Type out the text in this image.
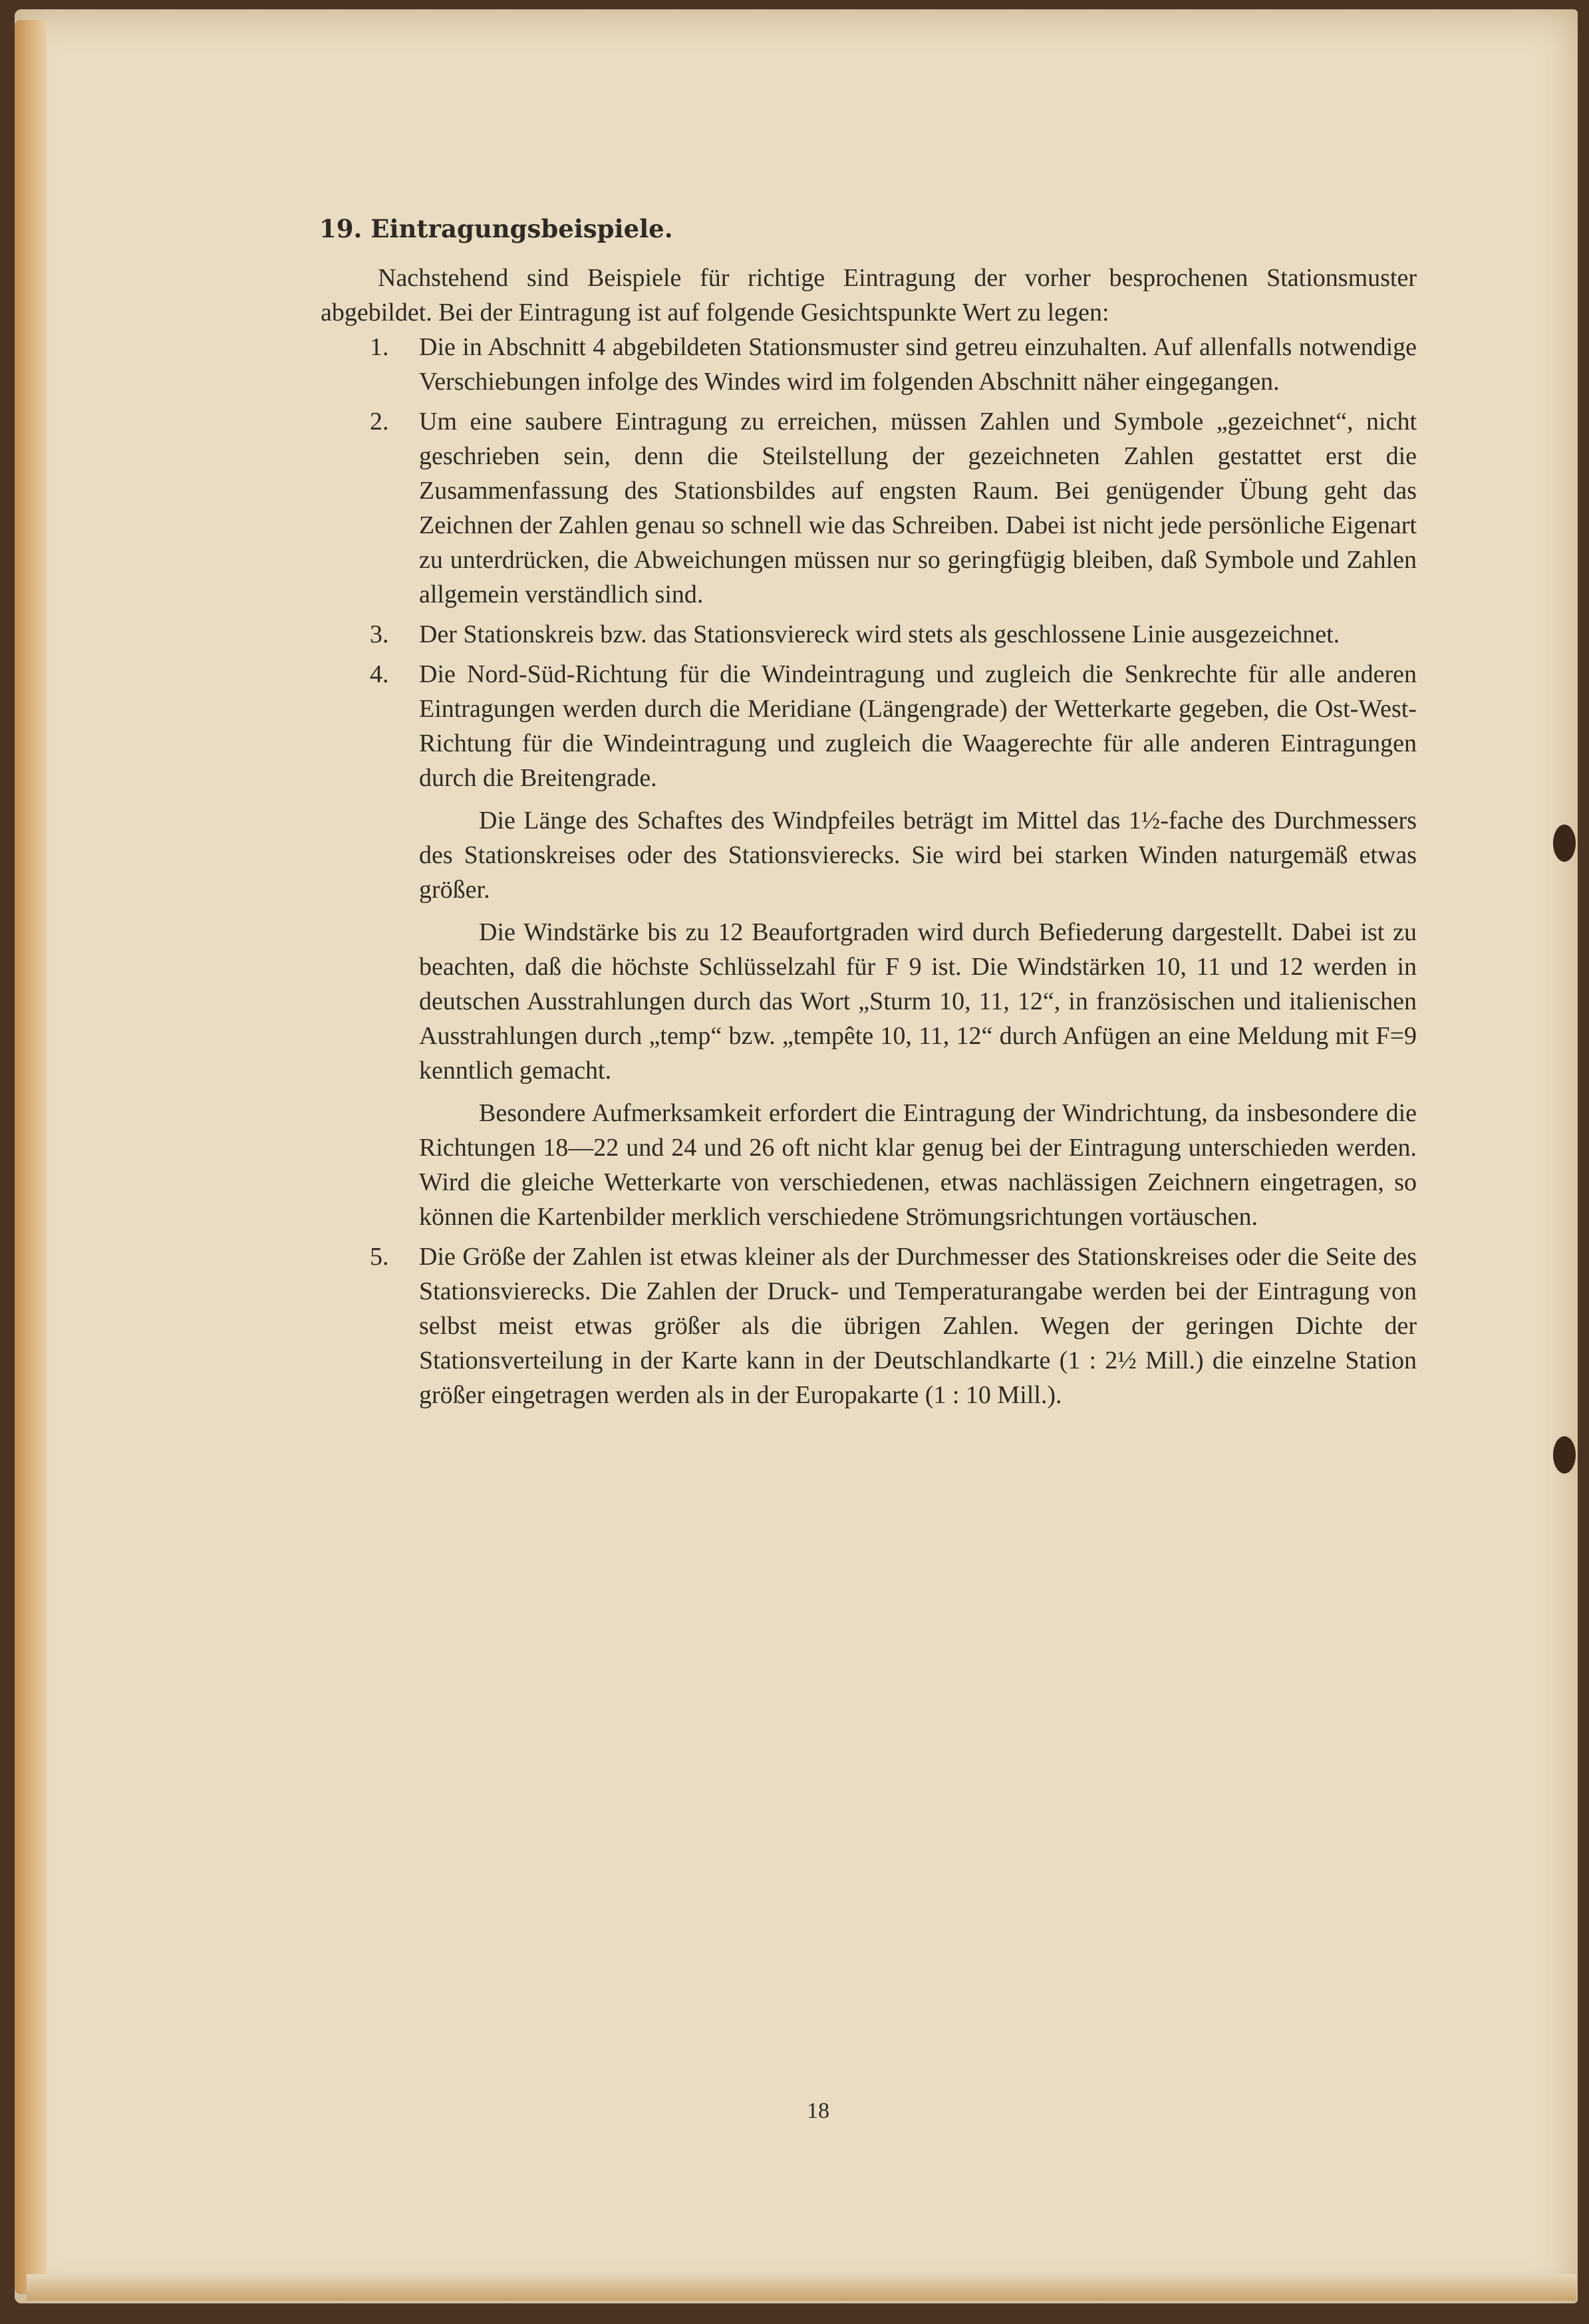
19. Eintragungsbeispiele.

Nachstehend sind Beispiele für richtige Eintragung der vorher besprochenen Stationsmuster abgebildet. Bei der Eintragung ist auf folgende Gesichtspunkte Wert zu legen:

1. Die in Abschnitt 4 abgebildeten Stationsmuster sind getreu einzuhalten. Auf allenfalls notwendige Verschiebungen infolge des Windes wird im folgenden Abschnitt näher eingegangen.

2. Um eine saubere Eintragung zu erreichen, müssen Zahlen und Symbole „gezeichnet“, nicht geschrieben sein, denn die Steilstellung der gezeichneten Zahlen gestattet erst die Zusammenfassung des Stationsbildes auf engsten Raum. Bei genügender Übung geht das Zeichnen der Zahlen genau so schnell wie das Schreiben. Dabei ist nicht jede persönliche Eigenart zu unterdrücken, die Abweichungen müssen nur so geringfügig bleiben, daß Symbole und Zahlen allgemein verständlich sind.

3. Der Stationskreis bzw. das Stationsviereck wird stets als geschlossene Linie ausgezeichnet.

4. Die Nord-Süd-Richtung für die Windeintragung und zugleich die Senkrechte für alle anderen Eintragungen werden durch die Meridiane (Längengrade) der Wetterkarte gegeben, die Ost-West-Richtung für die Windeintragung und zugleich die Waagerechte für alle anderen Eintragungen durch die Breitengrade.

Die Länge des Schaftes des Windpfeiles beträgt im Mittel das 1½-fache des Durchmessers des Stationskreises oder des Stationsvierecks. Sie wird bei starken Winden naturgemäß etwas größer.

Die Windstärke bis zu 12 Beaufortgraden wird durch Befiederung dargestellt. Dabei ist zu beachten, daß die höchste Schlüsselzahl für F 9 ist. Die Windstärken 10, 11 und 12 werden in deutschen Ausstrahlungen durch das Wort „Sturm 10, 11, 12“, in französischen und italienischen Ausstrahlungen durch „temp“ bzw. „tempête 10, 11, 12“ durch Anfügen an eine Meldung mit F=9 kenntlich gemacht.

Besondere Aufmerksamkeit erfordert die Eintragung der Windrichtung, da insbesondere die Richtungen 18—22 und 24 und 26 oft nicht klar genug bei der Eintragung unterschieden werden. Wird die gleiche Wetterkarte von verschiedenen, etwas nachlässigen Zeichnern eingetragen, so können die Kartenbilder merklich verschiedene Strömungsrichtungen vortäuschen.

5. Die Größe der Zahlen ist etwas kleiner als der Durchmesser des Stationskreises oder die Seite des Stationsvierecks. Die Zahlen der Druck- und Temperaturangabe werden bei der Eintragung von selbst meist etwas größer als die übrigen Zahlen. Wegen der geringen Dichte der Stationsverteilung in der Karte kann in der Deutschlandkarte (1 : 2½ Mill.) die einzelne Station größer eingetragen werden als in der Europakarte (1 : 10 Mill.).

18
